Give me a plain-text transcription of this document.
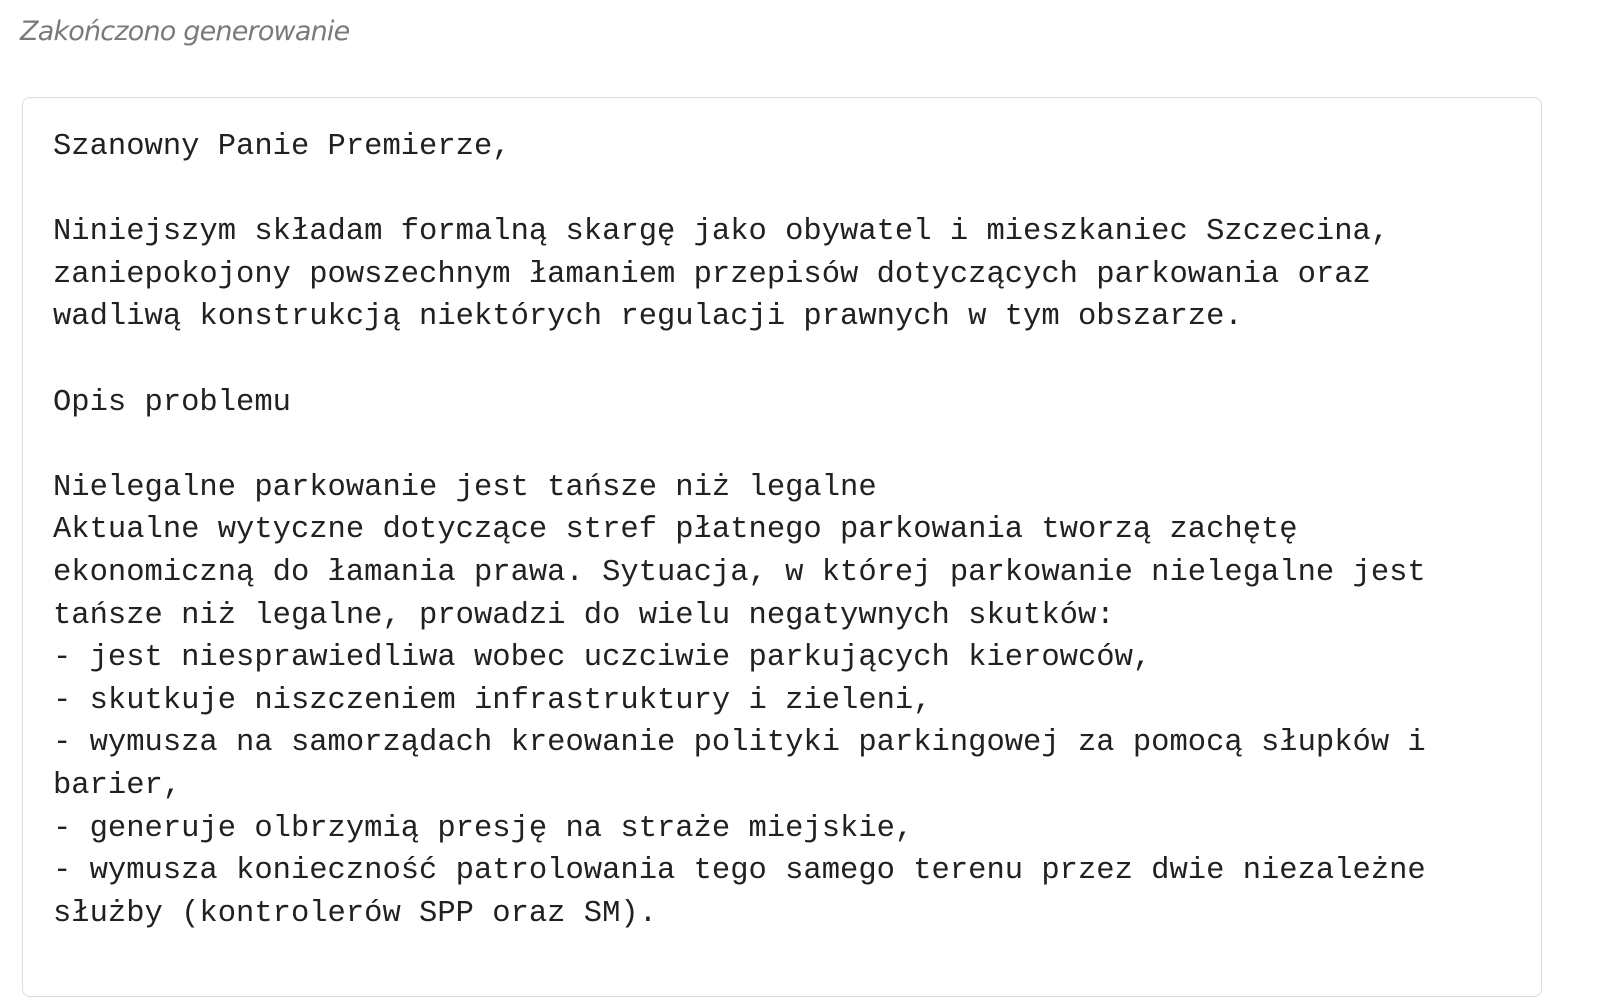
Zakończono generowanie
Szanowny Panie Premierze,
Niniejszym składam formalną skargę jako obywatel i mieszkaniec Szczecina,
zaniepokojony powszechnym łamaniem przepisów dotyczących parkowania oraz
wadliwą konstrukcją niektórych regulacji prawnych w tym obszarze.
Opis problemu
Nielegalne parkowanie jest tańsze niż legalne
Aktualne wytyczne dotyczące stref płatnego parkowania tworzą zachętę
ekonomiczną do łamania prawa. Sytuacja, w której parkowanie nielegalne jest
tańsze niż legalne, prowadzi do wielu negatywnych skutków:
- jest niesprawiedliwa wobec uczciwie parkujących kierowców,
- skutkuje niszczeniem infrastruktury i zieleni,
- wymusza na samorządach kreowanie polityki parkingowej za pomocą słupków i
barier,
- generuje olbrzymią presję na straże miejskie,
- wymusza konieczność patrolowania tego samego terenu przez dwie niezależne
służby (kontrolerów SPP oraz SM).
